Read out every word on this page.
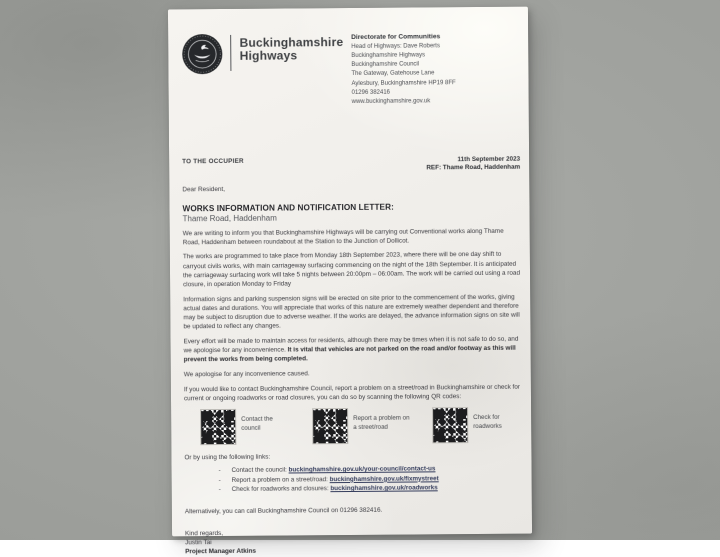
Buckinghamshire
Highways
Directorate for Communities
Head of Highways: Dave Roberts
Buckinghamshire Highways
Buckinghamshire Council
The Gateway, Gatehouse Lane
Aylesbury, Buckinghamshire HP19 8FF
01296 382416
www.buckinghamshire.gov.uk
TO THE OCCUPIER	11th September 2023
REF: Thame Road, Haddenham

Dear Resident,

WORKS INFORMATION AND NOTIFICATION LETTER:
Thame Road, Haddenham

We are writing to inform you that Buckinghamshire Highways will be carrying out Conventional works along Thame Road, Haddenham between roundabout at the Station to the Junction of Dollicot.

The works are programmed to take place from Monday 18th September 2023, where there will be one day shift to carryout civils works, with main carriageway surfacing commencing on the night of the 18th September. It is anticipated the carriageway surfacing work will take 5 nights between 20:00pm – 06:00am. The work will be carried out using a road closure, in operation Monday to Friday

Information signs and parking suspension signs will be erected on site prior to the commencement of the works, giving actual dates and durations. You will appreciate that works of this nature are extremely weather dependent and therefore may be subject to disruption due to adverse weather. If the works are delayed, the advance information signs on site will be updated to reflect any changes.

Every effort will be made to maintain access for residents, although there may be times when it is not safe to do so, and we apologise for any inconvenience. It is vital that vehicles are not parked on the road and/or footway as this will prevent the works from being completed.

We apologise for any inconvenience caused.

If you would like to contact Buckinghamshire Council, report a problem on a street/road in Buckinghamshire or check for current or ongoing roadworks or road closures, you can do so by scanning the following QR codes:

Contact the council
Report a problem on a street/road
Check for roadworks

Or by using the following links:

-	Contact the council: buckinghamshire.gov.uk/your-council/contact-us
-	Report a problem on a street/road: buckinghamshire.gov.uk/fixmystreet
-	Check for roadworks and closures: buckinghamshire.gov.uk/roadworks

Alternatively, you can call Buckinghamshire Council on 01296 382416.

Kind regards,
Justin Tai
Project Manager Atkins
